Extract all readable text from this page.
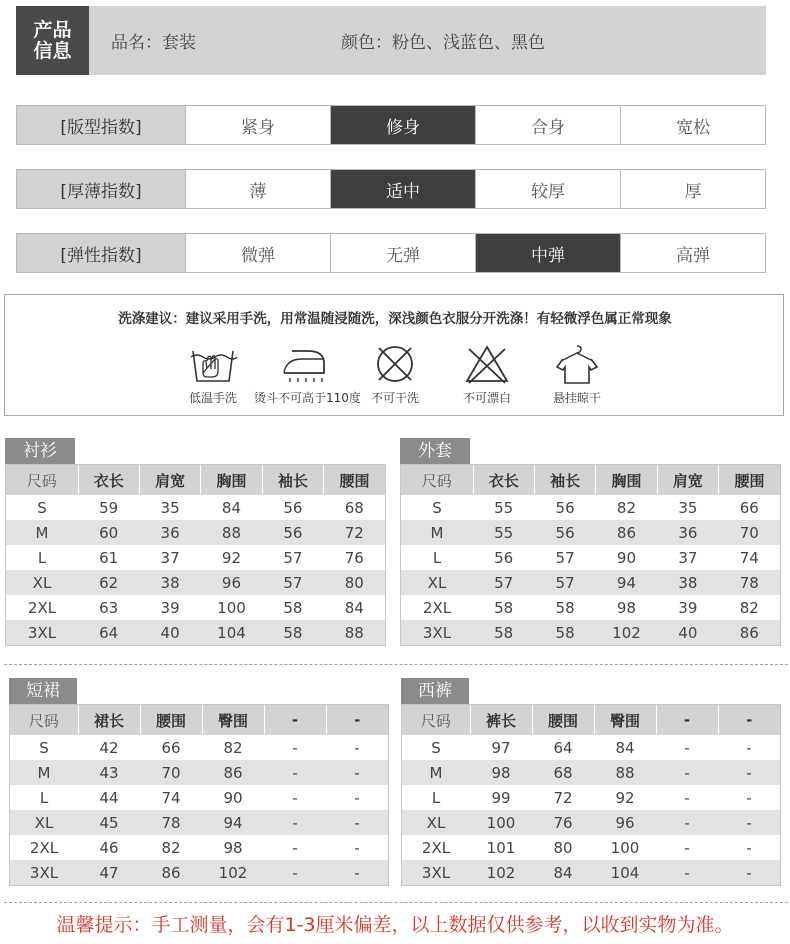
产品
信息	品名：套装	颜色：粉色、浅蓝色、黑色
[版型指数]	紧身	修身	合身	宽松
[厚薄指数]	薄	适中	较厚	厚
[弹性指数]	微弹	无弹	中弹	高弹
洗涤建议：建议采用手洗，用常温随浸随洗，深浅颜色衣服分开洗涤！有轻微浮色属正常现象
低温手洗	烫斗不可高于110度 不可干洗	不可漂白	悬挂晾干
衬衫
尺码	衣长	肩宽	胸围	袖长	腰围
S	59	35	84	56	68
M	60	36	88	56	72
L	61	37	92	57	76
XL	62	38	96	57	80
2XL	63	39	100	58	84
3XL	64	40	104	58	88
外套
尺码	衣长	袖长	胸围	肩宽	腰围
S	55	56	82	35	66
M	55	56	86	36	70
L	56	57	90	37	74
XL	57	57	94	38	78
2XL	58	58	98	39	82
3XL	58	58	102	40	86
短裙
尺码	裙长	腰围	臀围	-	-
S	42	66	82	-	-
M	43	70	86	-	-
L	44	74	90	-	-
XL	45	78	94	-	-
2XL	46	82	98	-	-
3XL	47	86	102	-	-
西裤
尺码	裤长	腰围	臀围	-	-
S	97	64	84	-	-
M	98	68	88	-	-
L	99	72	92	-	-
XL	100	76	96	-	-
2XL	101	80	100	-	-
3XL	102	84	104	-	-
温馨提示：手工测量，会有1-3厘米偏差，以上数据仅供参考，以收到实物为准。
